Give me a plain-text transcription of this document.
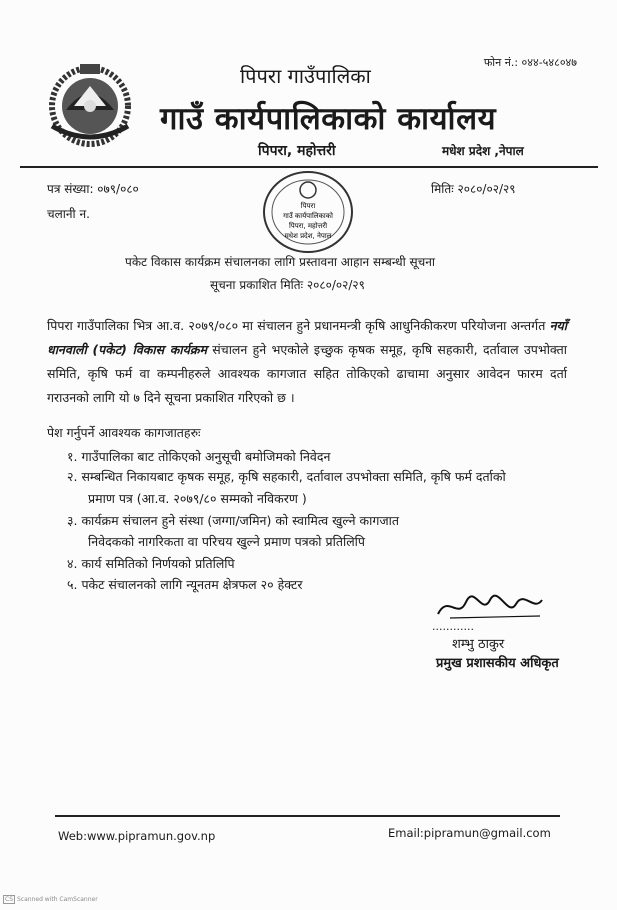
फोन नं.: ०४४-५४८०४७
पिपरा गाउँपालिका
गाउँ कार्यपालिकाको कार्यालय
पिपरा, महोत्तरी	मधेश प्रदेश ,नेपाल
पत्र संख्या: ०७९/०८०
चलानी न.
मितिः २०८०/०२/२९
पिपरा
गाउँ कार्यपालिकाको
पिपरा, महोत्तरी
मधेश प्रदेश, नेपाल
पकेट विकास कार्यक्रम संचालनका लागि प्रस्तावना आहान सम्बन्धी सूचना
सूचना प्रकाशित मितिः २०८०/०२/२९
पिपरा गाउँपालिका भित्र आ.व. २०७९/०८० मा संचालन हुने प्रधानमन्त्री कृषि आधुनिकीकरण परियोजना अन्तर्गत नयाँ धानवाली (पकेट) विकास कार्यक्रम संचालन हुने भएकोले इच्छुक कृषक समूह, कृषि सहकारी, दर्तावाल उपभोक्ता समिति, कृषि फर्म वा कम्पनीहरुले आवश्यक कागजात सहित तोकिएको ढाचामा अनुसार आवेदन फारम दर्ता गराउनको लागि यो ७ दिने सूचना प्रकाशित गरिएको छ ।
पेश गर्नुपर्ने आवश्यक कागजातहरुः
१. गाउँपालिका बाट तोकिएको अनुसूची बमोजिमको निवेदन
२. सम्बन्धित निकायबाट कृषक समूह, कृषि सहकारी, दर्तावाल उपभोक्ता समिति, कृषि फर्म दर्ताको
प्रमाण पत्र (आ.व. २०७९/८० सम्मको नविकरण )
३. कार्यक्रम संचालन हुने संस्था (जग्गा/जमिन) को स्वामित्व खुल्ने कागजात
निवेदकको नागरिकता वा परिचय खुल्ने प्रमाण पत्रको प्रतिलिपि
४. कार्य समितिको निर्णयको प्रतिलिपि
५. पकेट संचालनको लागि न्यूनतम क्षेत्रफल २० हेक्टर
............
शम्भु ठाकुर
प्रमुख प्रशासकीय अधिकृत
Web:www.pipramun.gov.np	Email:pipramun@gmail.com
CS Scanned with CamScanner
